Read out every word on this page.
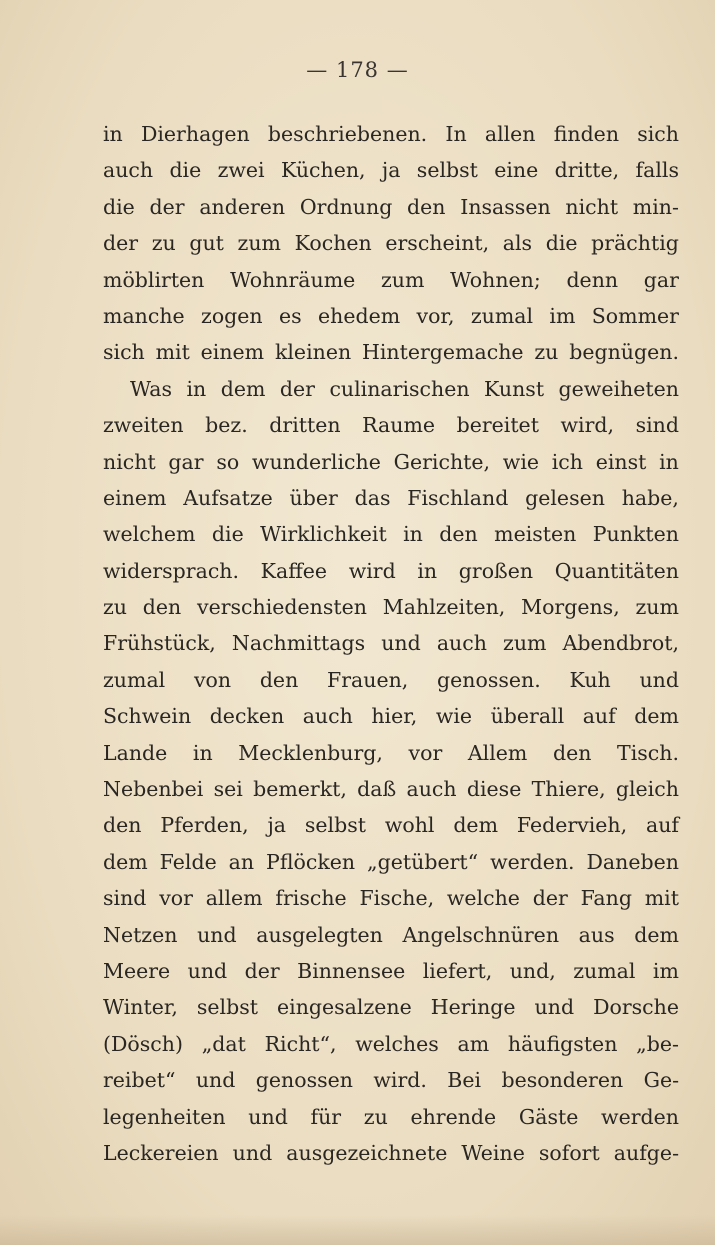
— 178 —
in Dierhagen beschriebenen. In allen finden sich
auch die zwei Küchen, ja selbst eine dritte, falls
die der anderen Ordnung den Insassen nicht min-
der zu gut zum Kochen erscheint, als die prächtig
möblirten Wohnräume zum Wohnen; denn gar
manche zogen es ehedem vor, zumal im Sommer
sich mit einem kleinen Hintergemache zu begnügen.
Was in dem der culinarischen Kunst geweiheten
zweiten bez. dritten Raume bereitet wird, sind
nicht gar so wunderliche Gerichte, wie ich einst in
einem Aufsatze über das Fischland gelesen habe,
welchem die Wirklichkeit in den meisten Punkten
widersprach. Kaffee wird in großen Quantitäten
zu den verschiedensten Mahlzeiten, Morgens, zum
Frühstück, Nachmittags und auch zum Abendbrot,
zumal von den Frauen, genossen. Kuh und
Schwein decken auch hier, wie überall auf dem
Lande in Mecklenburg, vor Allem den Tisch.
Nebenbei sei bemerkt, daß auch diese Thiere, gleich
den Pferden, ja selbst wohl dem Federvieh, auf
dem Felde an Pflöcken „getübert“ werden. Daneben
sind vor allem frische Fische, welche der Fang mit
Netzen und ausgelegten Angelschnüren aus dem
Meere und der Binnensee liefert, und, zumal im
Winter, selbst eingesalzene Heringe und Dorsche
(Dösch) „dat Richt“, welches am häufigsten „be-
reibet“ und genossen wird. Bei besonderen Ge-
legenheiten und für zu ehrende Gäste werden
Leckereien und ausgezeichnete Weine sofort aufge-
